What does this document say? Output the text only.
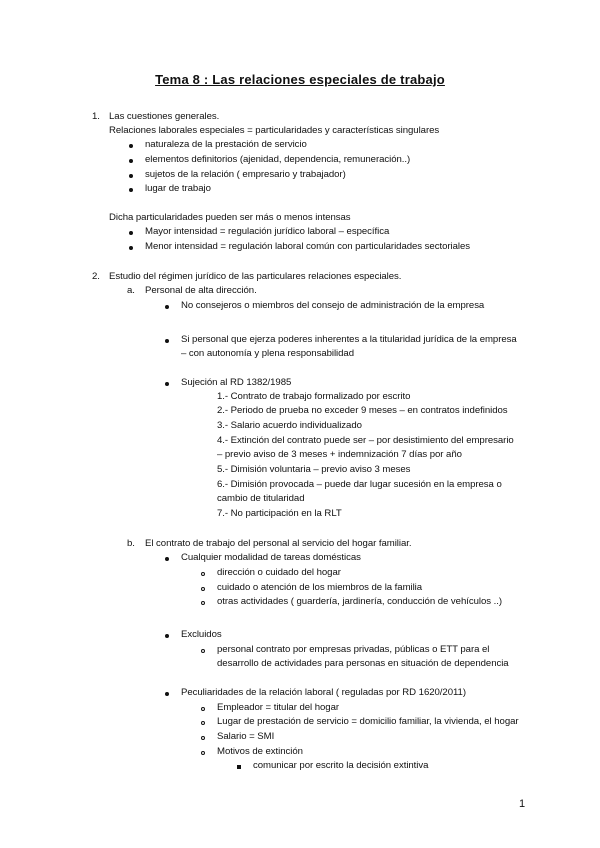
Tema 8 : Las relaciones especiales de trabajo
1. Las cuestiones generales.
Relaciones laborales especiales = particularidades y características singulares
naturaleza de la prestación de servicio
elementos definitorios (ajenidad, dependencia, remuneración..)
sujetos de la relación ( empresario y trabajador)
lugar de trabajo
Dicha particularidades pueden ser más o menos intensas
Mayor intensidad = regulación jurídico laboral – específica
Menor intensidad = regulación laboral común con particularidades sectoriales
2. Estudio del régimen jurídico de las particulares relaciones especiales.
a. Personal de alta dirección.
No consejeros o miembros del consejo de administración de la empresa
Si personal que ejerza poderes inherentes a la titularidad jurídica de la empresa
– con autonomía y plena responsabilidad
Sujeción al RD 1382/1985
1.- Contrato de trabajo formalizado por escrito
2.- Periodo de prueba no exceder 9 meses – en contratos indefinidos
3.- Salario acuerdo individualizado
4.- Extinción del contrato puede ser – por desistimiento del empresario
– previo aviso de 3 meses + indemnización 7 días por año
5.- Dimisión voluntaria – previo aviso 3 meses
6.- Dimisión provocada – puede dar lugar sucesión en la empresa o
cambio de titularidad
7.- No participación en la RLT
b. El contrato de trabajo del personal al servicio del hogar familiar.
Cualquier modalidad de tareas domésticas
dirección o cuidado del hogar
cuidado o atención de los miembros de la familia
otras actividades ( guardería, jardinería, conducción de vehículos ..)
Excluidos
personal contrato por empresas privadas, públicas o ETT para el
desarrollo de actividades para personas en situación de dependencia
Peculiaridades de la relación laboral ( reguladas por RD 1620/2011)
Empleador = titular del hogar
Lugar de prestación de servicio = domicilio familiar, la vivienda, el hogar
Salario = SMI
Motivos de extinción
comunicar por escrito la decisión extintiva
1
